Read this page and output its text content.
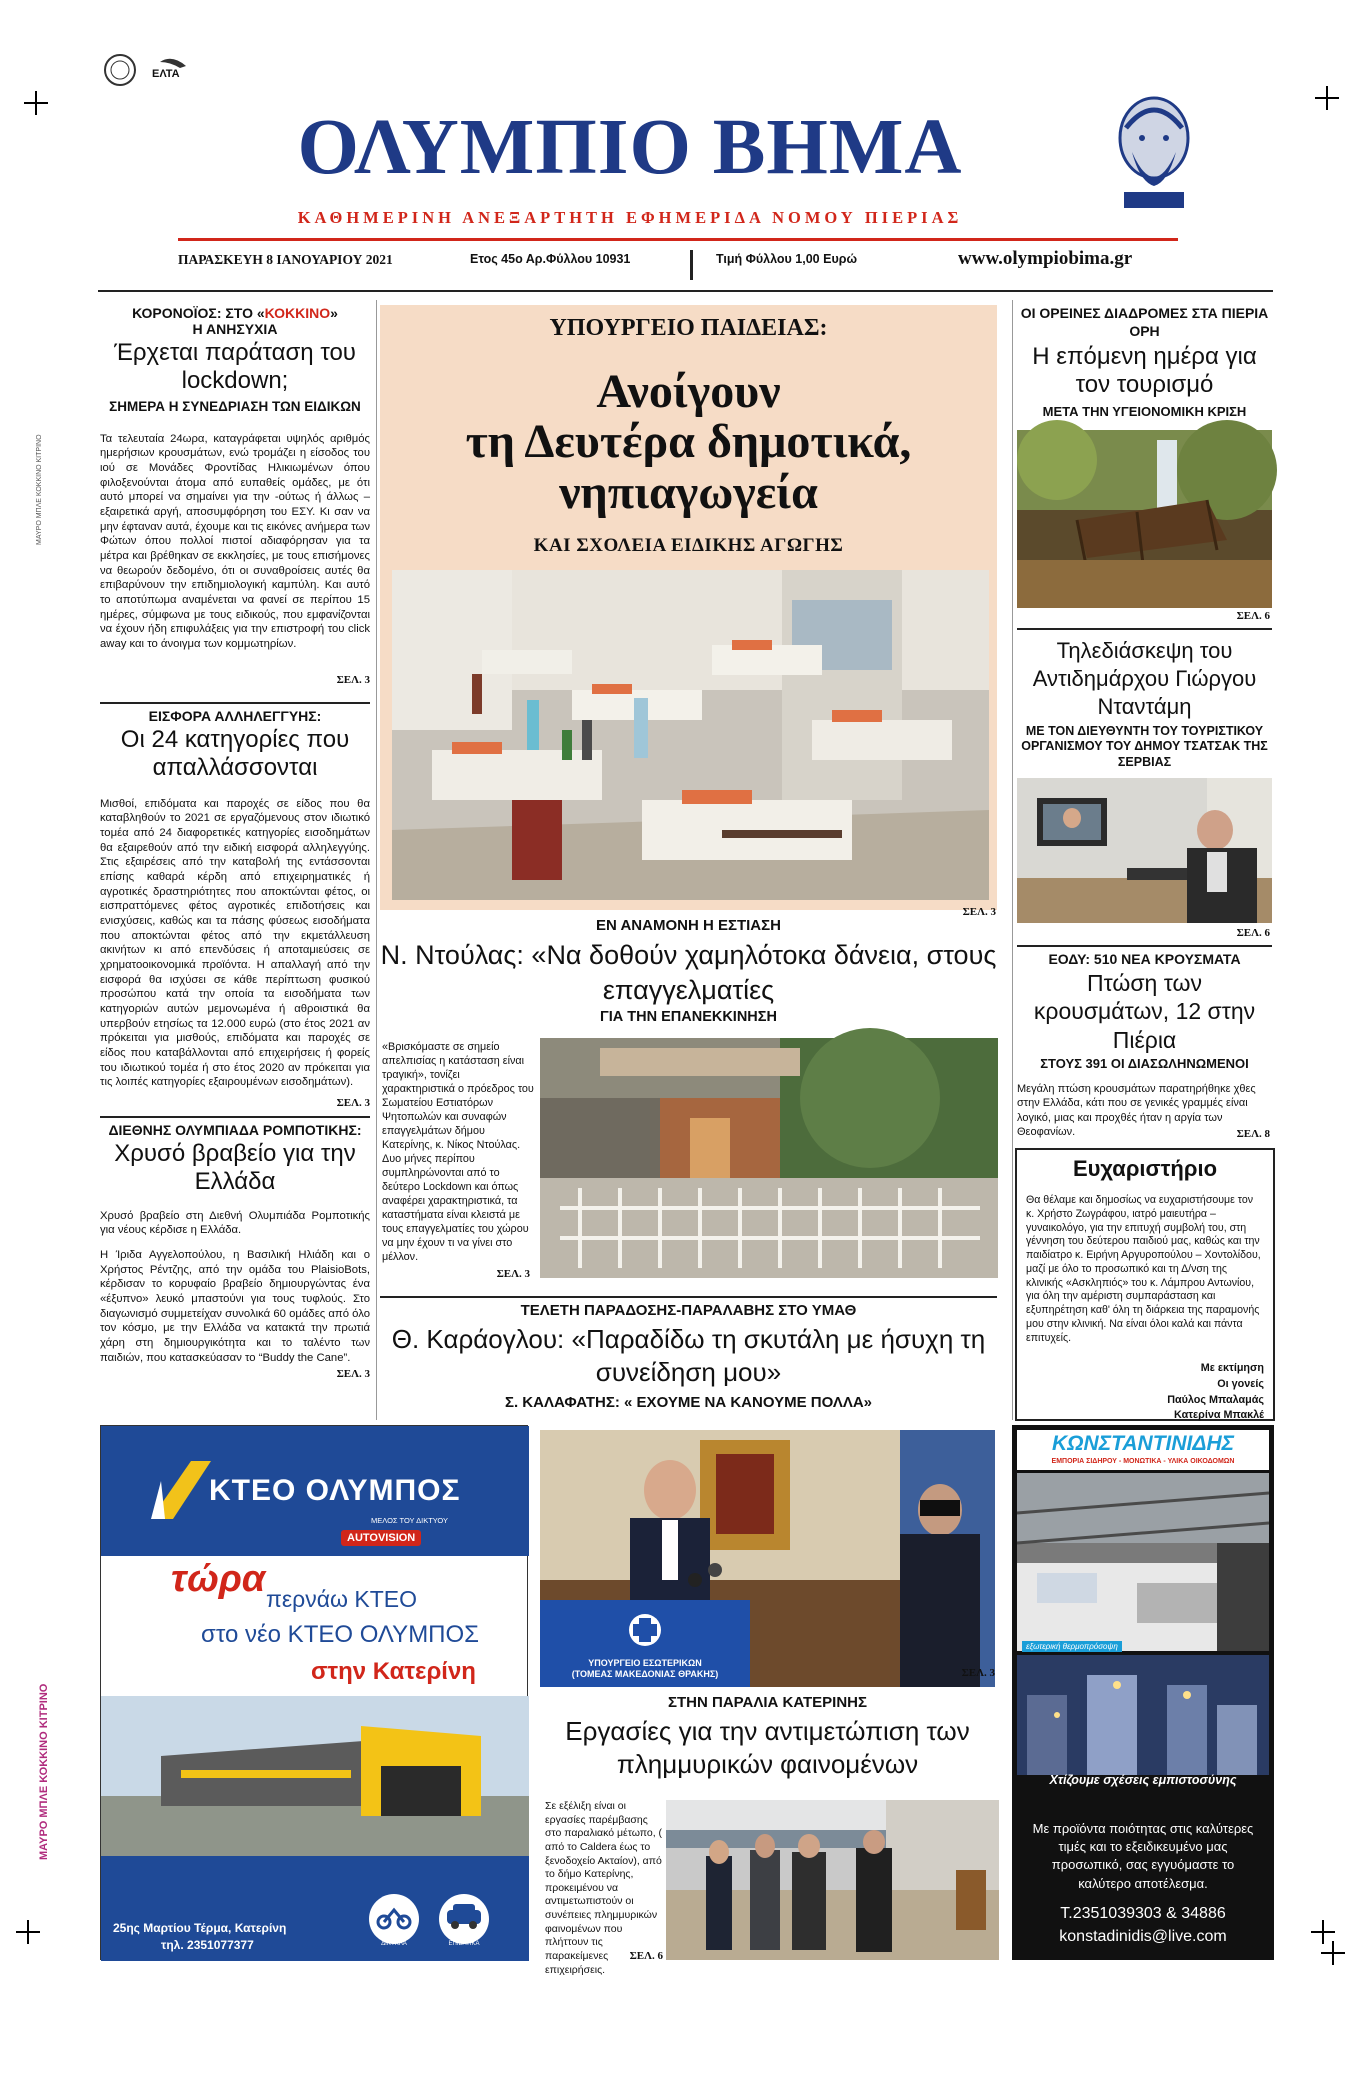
ΜΑΥΡΟ ΜΠΛΕ ΚΟΚΚΙΝΟ ΚΙΤΡΙΝΟ
ΜΑΥΡΟ ΜΠΛΕ ΚΟΚΚΙΝΟ ΚΙΤΡΙΝΟ
ΕΛΤΑ
ΟΛΥΜΠΙΟ ΒΗΜΑ
ΚΑΘΗΜΕΡΙΝΗ ΑΝΕΞΑΡΤΗΤΗ ΕΦΗΜΕΡΙΔΑ ΝΟΜΟΥ ΠΙΕΡΙΑΣ
ΠΑΡΑΣΚΕΥΗ 8 ΙΑΝΟΥΑΡΙΟΥ 2021	Ετος 45ο Αρ.Φύλλου 10931	Τιμή Φύλλου 1,00 Ευρώ	www.olympiobima.gr
ΚΟΡΟΝΟΪΟΣ: ΣΤΟ «ΚΟΚΚΙΝΟ»
Η ΑΝΗΣΥΧΙΑ
Έρχεται παράταση του lockdown;
ΣΗΜΕΡΑ Η ΣΥΝΕΔΡΙΑΣΗ ΤΩΝ ΕΙΔΙΚΩΝ
Τα τελευταία 24ωρα, καταγράφεται υψηλός αριθμός ημερήσιων κρουσμάτων, ενώ τρομάζει η είσοδος του ιού σε Μονάδες Φροντίδας Ηλικιωμένων όπου φιλοξενούνται άτομα από ευπαθείς ομάδες, με ότι αυτό μπορεί να σημαίνει για την -ούτως ή άλλως – εξαιρετικά αργή, αποσυμφόρηση του ΕΣΥ. Κι σαν να μην έφταναν αυτά, έχουμε και τις εικόνες ανήμερα των Φώτων όπου πολλοί πιστοί αδιαφόρησαν για τα μέτρα και βρέθηκαν σε εκκλησίες, με τους επισήμονες να θεωρούν δεδομένο, ότι οι συναθροίσεις αυτές θα επιβαρύνουν την επιδημιολογική καμπύλη. Και αυτό το αποτύπωμα αναμένεται να φανεί σε περίπου 15 ημέρες, σύμφωνα με τους ειδικούς, που εμφανίζονται να έχουν ήδη επιφυλάξεις για την επιστροφή του click away και το άνοιγμα των κομμωτηρίων.
ΣΕΛ. 3
ΕΙΣΦΟΡΑ ΑΛΛΗΛΕΓΓΥΗΣ:
Οι 24 κατηγορίες που απαλλάσσονται
Μισθοί, επιδόματα και παροχές σε είδος που θα καταβληθούν το 2021 σε εργαζόμενους στον ιδιωτικό τομέα από 24 διαφορετικές κατηγορίες εισοδημάτων θα εξαιρεθούν από την ειδική εισφορά αλληλεγγύης. Στις εξαιρέσεις από την καταβολή της εντάσσονται επίσης καθαρά κέρδη από επιχειρηματικές ή αγροτικές δραστηριότητες που αποκτώνται φέτος, οι εισπραττόμενες φέτος αγροτικές επιδοτήσεις και ενισχύσεις, καθώς και τα πάσης φύσεως εισοδήματα που αποκτώνται φέτος από την εκμετάλλευση ακινήτων κι από επενδύσεις ή αποταμιεύσεις σε χρηματοοικονομικά προϊόντα. Η απαλλαγή από την εισφορά θα ισχύσει σε κάθε περίπτωση φυσικού προσώπου κατά την οποία τα εισοδήματα των κατηγοριών αυτών μεμονωμένα ή αθροιστικά θα υπερβούν ετησίως τα 12.000 ευρώ (στο έτος 2021 αν πρόκειται για μισθούς, επιδόματα και παροχές σε είδος που καταβάλλονται από επιχειρήσεις ή φορείς του ιδιωτικού τομέα ή στο έτος 2020 αν πρόκειται για τις λοιπές κατηγορίες εξαιρουμένων εισοδημάτων).
ΣΕΛ. 3
ΔΙΕΘΝΗΣ ΟΛΥΜΠΙΑΔΑ ΡΟΜΠΟΤΙΚΗΣ:
Χρυσό βραβείο για την Ελλάδα
Χρυσό βραβείο στη Διεθνή Ολυμπιάδα Ρομποτικής για νέους κέρδισε η Ελλάδα.
Η Ίριδα Αγγελοπούλου, η Βασιλική Ηλιάδη και ο Χρήστος Ρέντζης, από την ομάδα του PlaisioBots, κέρδισαν το κορυφαίο βραβείο δημιουργώντας ένα «έξυπνο» λευκό μπαστούνι για τους τυφλούς. Στο διαγωνισμό συμμετείχαν συνολικά 60 ομάδες από όλο τον κόσμο, με την Ελλάδα να κατακτά την πρωτιά χάρη στη δημιουργικότητα και το ταλέντο των παιδιών, που κατασκεύασαν το “Buddy the Cane”.
ΣΕΛ. 3
ΥΠΟΥΡΓΕΙΟ ΠΑΙΔΕΙΑΣ:
Ανοίγουν
τη Δευτέρα δημοτικά,
νηπιαγωγεία
ΚΑΙ ΣΧΟΛΕΙΑ ΕΙΔΙΚΗΣ ΑΓΩΓΗΣ
ΣΕΛ. 3
ΕΝ ΑΝΑΜΟΝΗ Η ΕΣΤΙΑΣΗ
Ν. Ντούλας: «Να δοθούν χαμηλότοκα δάνεια, στους επαγγελματίες
ΓΙΑ ΤΗΝ ΕΠΑΝΕΚΚΙΝΗΣΗ
«Βρισκόμαστε σε σημείο απελπισίας η κατάσταση είναι τραγική», τονίζει χαρακτηριστικά ο πρόεδρος του Σωματείου Εστιατόρων Ψητοπωλών και συναφών επαγγελμάτων δήμου Κατερίνης, κ. Νίκος Ντούλας. Δυο μήνες περίπου συμπληρώνονται από το δεύτερο Lockdown και όπως αναφέρει χαρακτηριστικά, τα καταστήματα είναι κλειστά με τους επαγγελματίες του χώρου να μην έχουν τι να γίνει στο μέλλον.
ΣΕΛ. 3
ΤΕΛΕΤΗ ΠΑΡΑΔΟΣΗΣ-ΠΑΡΑΛΑΒΗΣ ΣΤΟ ΥΜΑΘ
Θ. Καράογλου: «Παραδίδω τη σκυτάλη με ήσυχη τη συνείδηση μου»
Σ. ΚΑΛΑΦΑΤΗΣ: « ΕΧΟΥΜΕ ΝΑ ΚΑΝΟΥΜΕ ΠΟΛΛΑ»
ΥΠΟΥΡΓΕΙΟ ΕΣΩΤΕΡΙΚΩΝ
(ΤΟΜΕΑΣ ΜΑΚΕΔΟΝΙΑΣ ΘΡΑΚΗΣ)	ΣΕΛ. 3
ΣΤΗΝ ΠΑΡΑΛΙΑ ΚΑΤΕΡΙΝΗΣ
Εργασίες για την αντιμετώπιση των πλημμυρικών φαινομένων
Σε εξέλιξη είναι οι εργασίες παρέμβασης στο παραλιακό μέτωπο, ( από το Caldera έως το ξενοδοχείο Ακταίον), από το δήμο Κατερίνης, προκειμένου να αντιμετωπιστούν οι συνέπειες πλημμυρικών φαινομένων που πλήττουν τις παρακείμενες επιχειρήσεις.
ΣΕΛ. 6
ΟΙ ΟΡΕΙΝΕΣ ΔΙΑΔΡΟΜΕΣ ΣΤΑ ΠΙΕΡΙΑ ΟΡΗ
Η επόμενη ημέρα για τον τουρισμό
ΜΕΤΑ ΤΗΝ ΥΓΕΙΟΝΟΜΙΚΗ ΚΡΙΣΗ
ΣΕΛ. 6
Τηλεδιάσκεψη του Αντιδημάρχου Γιώργου Νταντάμη
ΜΕ ΤΟΝ ΔΙΕΥΘΥΝΤΗ ΤΟΥ ΤΟΥΡΙΣΤΙΚΟΥ ΟΡΓΑΝΙΣΜΟΥ ΤΟΥ ΔΗΜΟΥ ΤΣΑΤΣΑΚ ΤΗΣ ΣΕΡΒΙΑΣ
ΣΕΛ. 6
ΕΟΔΥ: 510 ΝΕΑ ΚΡΟΥΣΜΑΤΑ
Πτώση των κρουσμάτων, 12 στην Πιέρια
ΣΤΟΥΣ 391 ΟΙ ΔΙΑΣΩΛΗΝΩΜΕΝΟΙ
Μεγάλη πτώση κρουσμάτων παρατηρήθηκε χθες στην Ελλάδα, κάτι που σε γενικές γραμμές είναι λογικό, μιας και πρoχθές ήταν η αργία των Θεοφανίων.	ΣΕΛ. 8
Ευχαριστήριο
Θα θέλαμε και δημοσίως να ευχαριστήσουμε τον κ. Χρήστο Ζωγράφου, ιατρό μαιευτήρα – γυναικολόγο, για την επιτυχή συμβολή του, στη γέννηση του δεύτερου παιδιού μας, καθώς και την παιδίατρο κ. Ειρήνη Αργυροπούλου – Χοντολίδου, μαζί με όλο το προσωπικό και τη Δ/νση της κλινικής «Ασκληπιός» του κ. Λάμπρου Αντωνίου, για όλη την αμέριστη συμπαράσταση και εξυπηρέτηση καθ' όλη τη διάρκεια της παραμονής μου στην κλινική. Να είναι όλοι καλά και πάντα επιτυχείς.
Με εκτίμηση
Οι γονείς
Παύλος Μπαλαμάς
Κατερίνα Μπακλέ
ΚΤΕΟ ΟΛΥΜΠΟΣ
ΜΕΛΟΣ ΤΟΥ ΔΙΚΤΥΟΥ
AUTOVISION
τώρα περνάω ΚΤΕΟ
στο νέο ΚΤΕΟ ΟΛΥΜΠΟΣ
στην Κατερίνη
25ης Μαρτίου Τέρμα, Κατερίνη
τηλ. 2351077377	ΔΙΚΥΚΛΑ	ΕΠΙΒΑΤΙΚΑ
ΚΩΝΣΤΑΝΤΙΝΙΔΗΣ
ΕΜΠΟΡΙΑ ΣΙΔΗΡΟΥ - ΜΟΝΩΤΙΚΑ - ΥΛΙΚΑ ΟΙΚΟΔΟΜΩΝ
εξωτερική θερμοπρόσοψη
Χτίζουμε σχέσεις εμπιστοσύνης
Με προϊόντα ποιότητας στις καλύτερες τιμές και το εξειδικευμένο μας προσωπικό, σας εγγυόμαστε το καλύτερο αποτέλεσμα.
Τ.2351039303 & 34886
konstadinidis@live.com
